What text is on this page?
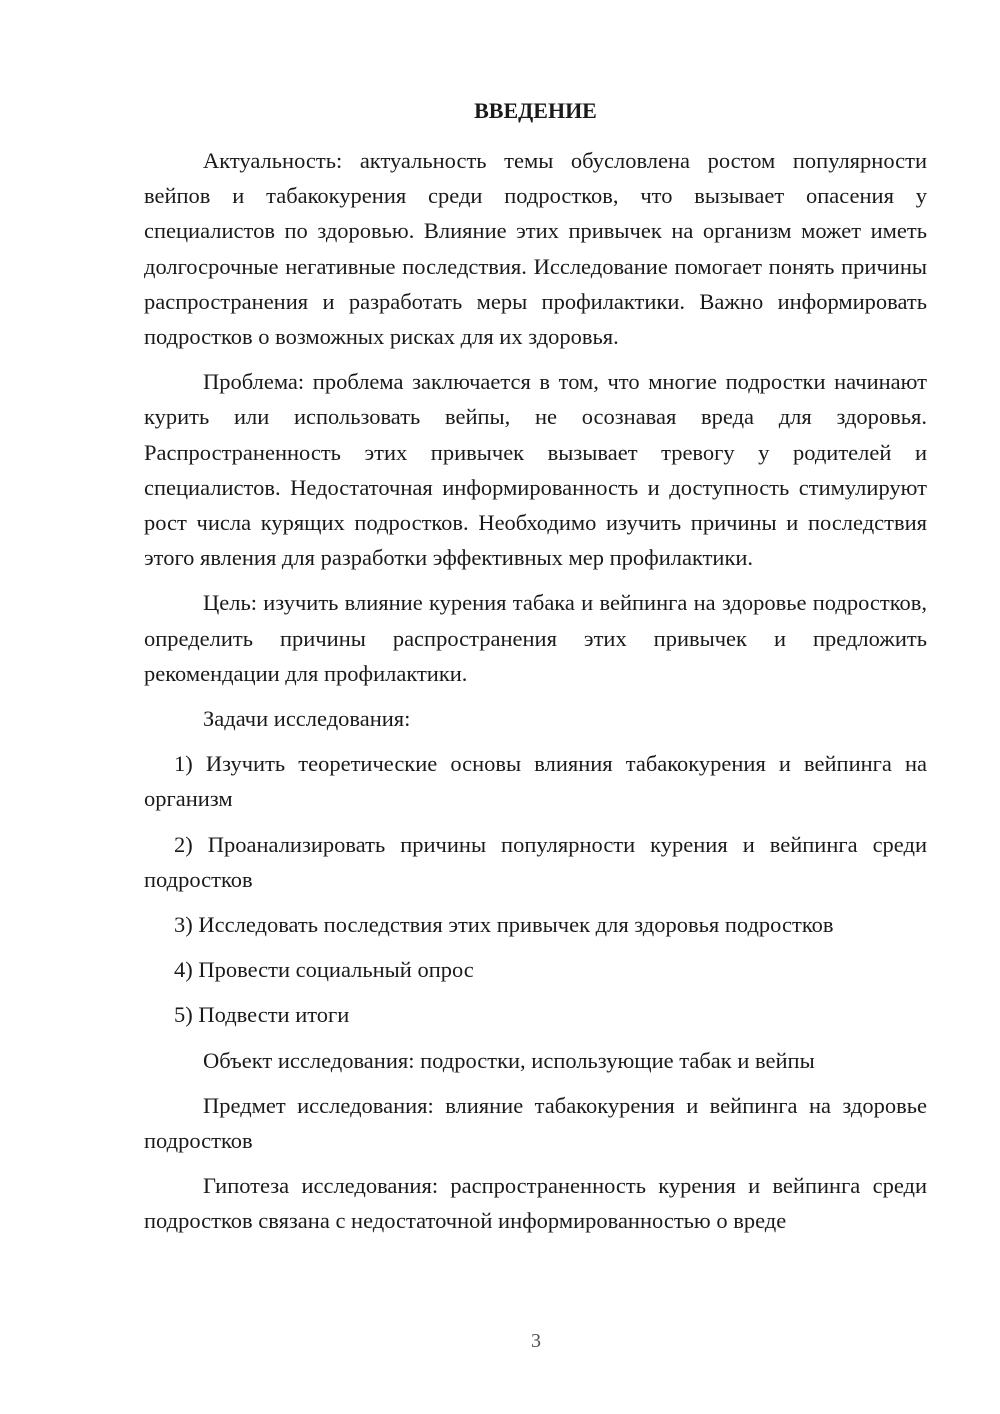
ВВЕДЕНИЕ

Актуальность: актуальность темы обусловлена ростом популярности вейпов и табакокурения среди подростков, что вызывает опасения у специалистов по здоровью. Влияние этих привычек на организм может иметь долгосрочные негативные последствия. Исследование помогает понять причины распространения и разработать меры профилактики. Важно информировать подростков о возможных рисках для их здоровья.

Проблема: проблема заключается в том, что многие подростки начинают курить или использовать вейпы, не осознавая вреда для здоровья. Распространенность этих привычек вызывает тревогу у родителей и специалистов. Недостаточная информированность и доступность стимулируют рост числа курящих подростков. Необходимо изучить причины и последствия этого явления для разработки эффективных мер профилактики.

Цель: изучить влияние курения табака и вейпинга на здоровье подростков, определить причины распространения этих привычек и предложить рекомендации для профилактики.

Задачи исследования:

1) Изучить теоретические основы влияния табакокурения и вейпинга на организм

2) Проанализировать причины популярности курения и вейпинга среди подростков

3) Исследовать последствия этих привычек для здоровья подростков

4) Провести социальный опрос

5) Подвести итоги

Объект исследования: подростки, использующие табак и вейпы

Предмет исследования: влияние табакокурения и вейпинга на здоровье подростков

Гипотеза исследования: распространенность курения и вейпинга среди подростков связана с недостаточной информированностью о вреде

3
